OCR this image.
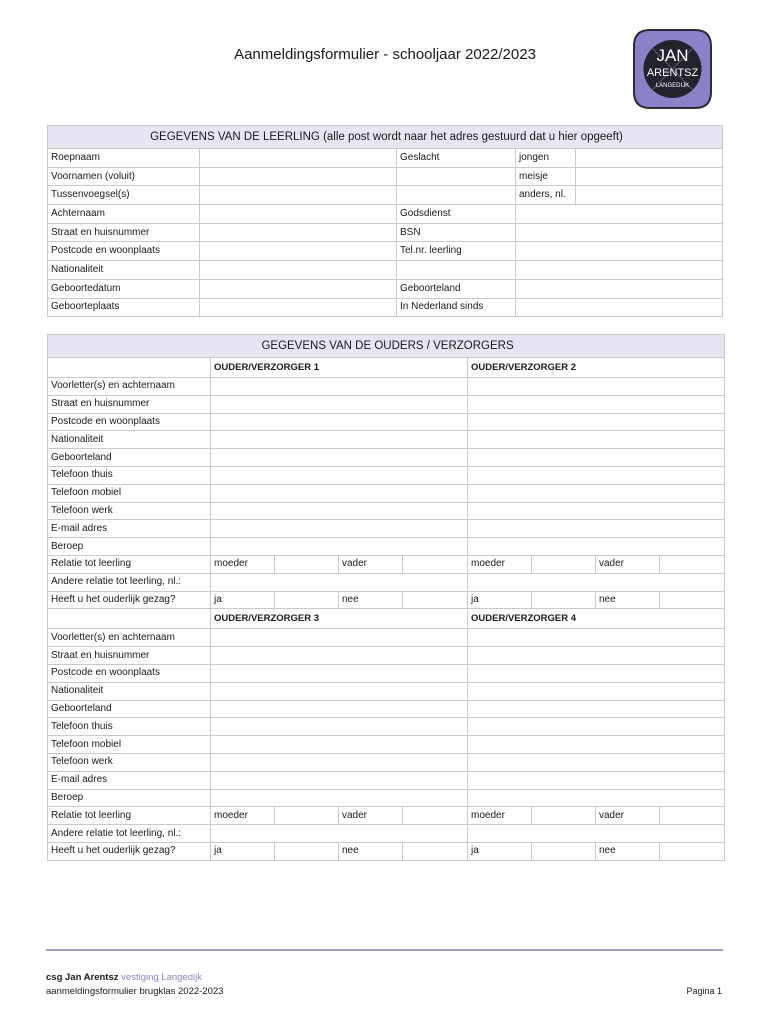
Aanmeldingsformulier - schooljaar 2022/2023	JAN
ARENTSZ
LANGEDIJK
GEGEVENS VAN DE LEERLING (alle post wordt naar het adres gestuurd dat u hier opgeeft)				
Roepnaam		Geslacht	jongen	
Voornamen (voluit)			meisje	
Tussenvoegsel(s)			anders, nl.	
Achternaam		Godsdienst		
Straat en huisnummer		BSN		
Postcode en woonplaats		Tel.nr. leerling		
Nationaliteit				
Geboortedatum		Geboorteland		
Geboorteplaats		In Nederland sinds		
GEGEVENS VAN DE OUDERS / VERZORGERS								
	OUDER/VERZORGER 1				OUDER/VERZORGER 2			
Voorletter(s) en achternaam								
Straat en huisnummer								
Postcode en woonplaats								
Nationaliteit								
Geboorteland								
Telefoon thuis								
Telefoon mobiel								
Telefoon werk								
E-mail adres								
Beroep								
Relatie tot leerling	moeder		vader		moeder		vader	
Andere relatie tot leerling, nl.:								
Heeft u het ouderlijk gezag?	ja		nee		ja		nee	
	OUDER/VERZORGER 3				OUDER/VERZORGER 4			
Voorletter(s) en achternaam								
Straat en huisnummer								
Postcode en woonplaats								
Nationaliteit								
Geboorteland								
Telefoon thuis								
Telefoon mobiel								
Telefoon werk								
E-mail adres								
Beroep								
Relatie tot leerling	moeder		vader		moeder		vader	
Andere relatie tot leerling, nl.:								
Heeft u het ouderlijk gezag?	ja		nee		ja		nee	
csg Jan Arentsz vestiging Langedijk
aanmeldingsformulier brugklas 2022-2023	Pagina 1
